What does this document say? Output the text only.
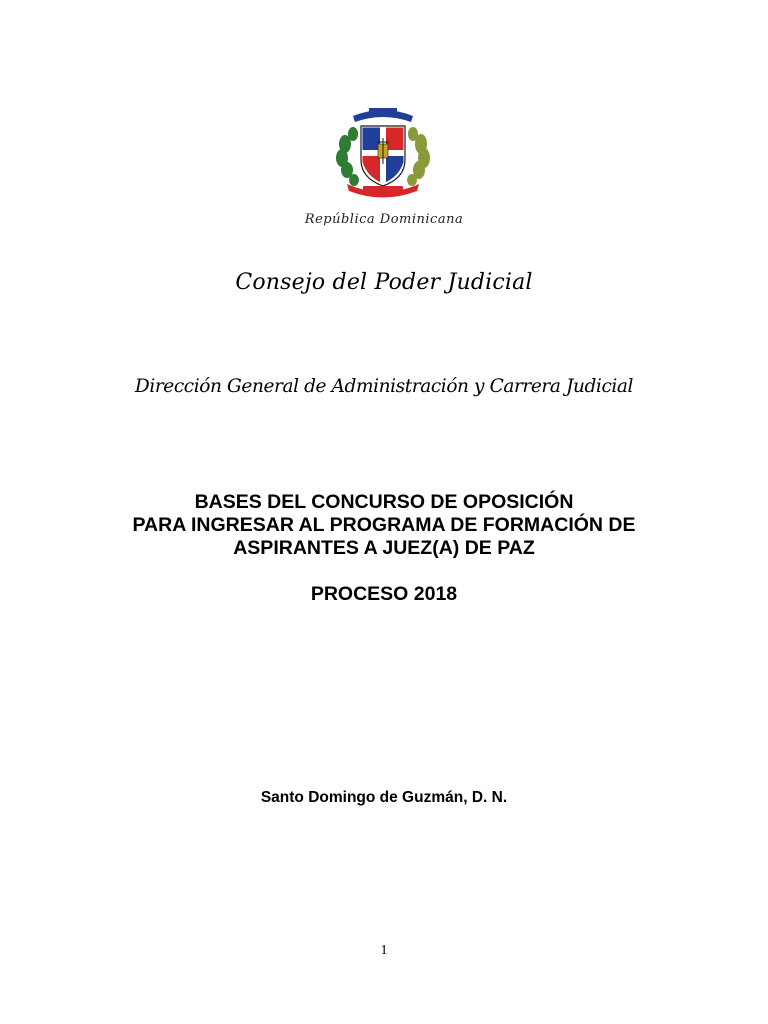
República Dominicana
Consejo del Poder Judicial
Dirección General de Administración y Carrera Judicial
BASES DEL CONCURSO DE OPOSICIÓN
PARA INGRESAR AL PROGRAMA DE FORMACIÓN DE
ASPIRANTES A JUEZ(A) DE PAZ
PROCESO 2018
Santo Domingo de Guzmán, D. N.
1
